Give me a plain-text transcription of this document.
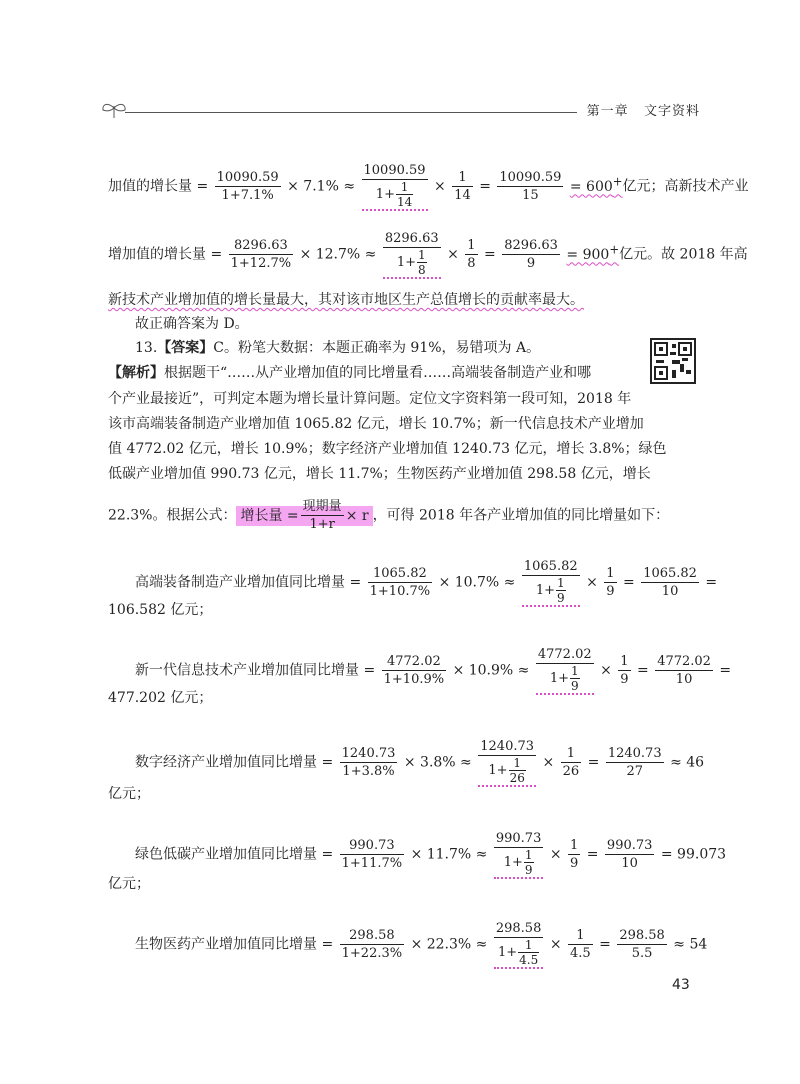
第一章 文字资料
加值的增长量 = $\frac{10090.59}{1+7.1\%} \times 7.1\% \approx \frac{10090.59}{1+ \frac{1}{14}} \times \frac{1}{14} = \frac{10090.59}{15} = 600^+$亿元；高新技术产业
增加值的增长量 = $\frac{8296.63}{1+12.7\%} \times 12.7\% \approx \frac{8296.63}{1+ \frac{1}{8}} \times \frac{1}{8} = \frac{8296.63}{9} = 900^+$亿元。故 2018 年高
新技术产业增加值的增长量最大，其对该市地区生产总值增长的贡献率最大。
故正确答案为 D。
13.【答案】C。粉笔大数据：本题正确率为 91%，易错项为 A。
【解析】根据题干“……从产业增加值的同比增量看……高端装备制造产业和哪
个产业最接近”，可判定本题为增长量计算问题。定位文字资料第一段可知，2018 年
该市高端装备制造产业增加值 1065.82 亿元，增长 10.7%；新一代信息技术产业增加
值 4772.02 亿元，增长 10.9%；数字经济产业增加值 1240.73 亿元，增长 3.8%；绿色
低碳产业增加值 990.73 亿元，增长 11.7%；生物医药产业增加值 298.58 亿元，增长
22.3%。根据公式： 增长量 = $\frac{\text{现期量}}{1+r} \times r$ ，可得 2018 年各产业增加值的同比增量如下：
高端装备制造产业增加值同比增量 = $\frac{1065.82}{1+10.7\%} \times 10.7\% \approx \frac{1065.82}{1+ \frac{1}{9}} \times \frac{1}{9} = \frac{1065.82}{10}$ =
106.582 亿元；
新一代信息技术产业增加值同比增量 = $\frac{4772.02}{1+10.9\%} \times 10.9\% \approx \frac{4772.02}{1+ \frac{1}{9}} \times \frac{1}{9} = \frac{4772.02}{10}$ =
477.202 亿元；
数字经济产业增加值同比增量 = $\frac{1240.73}{1+3.8\%} \times 3.8\% \approx \frac{1240.73}{1+ \frac{1}{26}} \times \frac{1}{26} = \frac{1240.73}{27} \approx 46$
亿元；
绿色低碳产业增加值同比增量 = $\frac{990.73}{1+11.7\%} \times 11.7\% \approx \frac{990.73}{1+ \frac{1}{9}} \times \frac{1}{9} = \frac{990.73}{10} = 99.073$
亿元；
生物医药产业增加值同比增量 = $\frac{298.58}{1+22.3\%} \times 22.3\% \approx \frac{298.58}{1+ \frac{1}{4.5}} \times \frac{1}{4.5} = \frac{298.58}{5.5} \approx 54$
43
